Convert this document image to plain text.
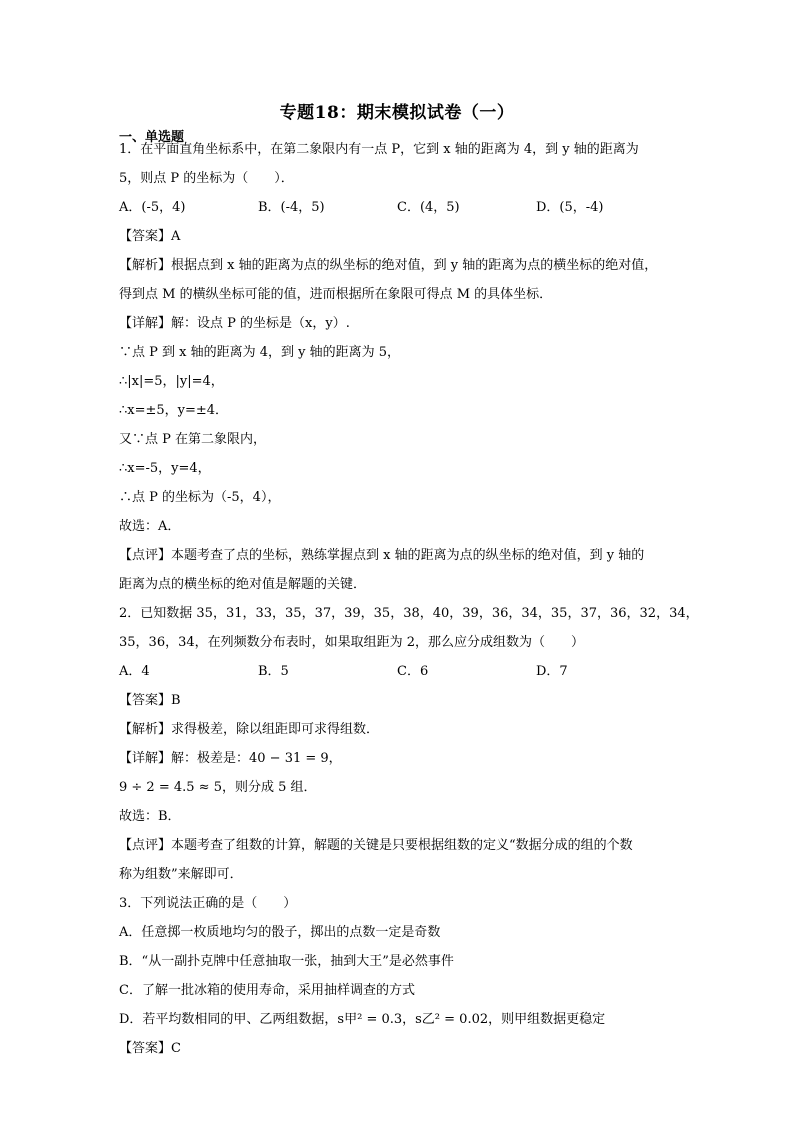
专题18：期末模拟试卷（一）
一、单选题
1．在平面直角坐标系中，在第二象限内有一点 P，它到 x 轴的距离为 4，到 y 轴的距离为
5，则点 P 的坐标为（　　）．
A．(-5，4)	B．(-4，5)	C．(4，5)	D．(5，-4)
【答案】A
【解析】根据点到 x 轴的距离为点的纵坐标的绝对值，到 y 轴的距离为点的横坐标的绝对值，
得到点 M 的横纵坐标可能的值，进而根据所在象限可得点 M 的具体坐标．
【详解】解：设点 P 的坐标是（x，y）.
∵点 P 到 x 轴的距离为 4，到 y 轴的距离为 5，
∴|x|=5，|y|=4，
∴x=±5，y=±4．
又∵点 P 在第二象限内，
∴x=-5，y=4，
∴点 P 的坐标为（-5，4），
故选：A．
【点评】本题考查了点的坐标，熟练掌握点到 x 轴的距离为点的纵坐标的绝对值，到 y 轴的
距离为点的横坐标的绝对值是解题的关键．
2．已知数据 35，31，33，35，37，39，35，38，40，39，36，34，35，37，36，32，34，
35，36，34，在列频数分布表时，如果取组距为 2，那么应分成组数为（　　）
A．4	B．5	C．6	D．7
【答案】B
【解析】求得极差，除以组距即可求得组数．
【详解】解：极差是：40 − 31 = 9，
9 ÷ 2 = 4.5 ≈ 5，则分成 5 组．
故选：B．
【点评】本题考查了组数的计算，解题的关键是只要根据组数的定义“数据分成的组的个数
称为组数”来解即可．
3．下列说法正确的是（　　）
A．任意掷一枚质地均匀的骰子，掷出的点数一定是奇数
B．“从一副扑克牌中任意抽取一张，抽到大王”是必然事件
C．了解一批冰箱的使用寿命，采用抽样调查的方式
D．若平均数相同的甲、乙两组数据，s甲² = 0.3，s乙² = 0.02，则甲组数据更稳定
【答案】C
